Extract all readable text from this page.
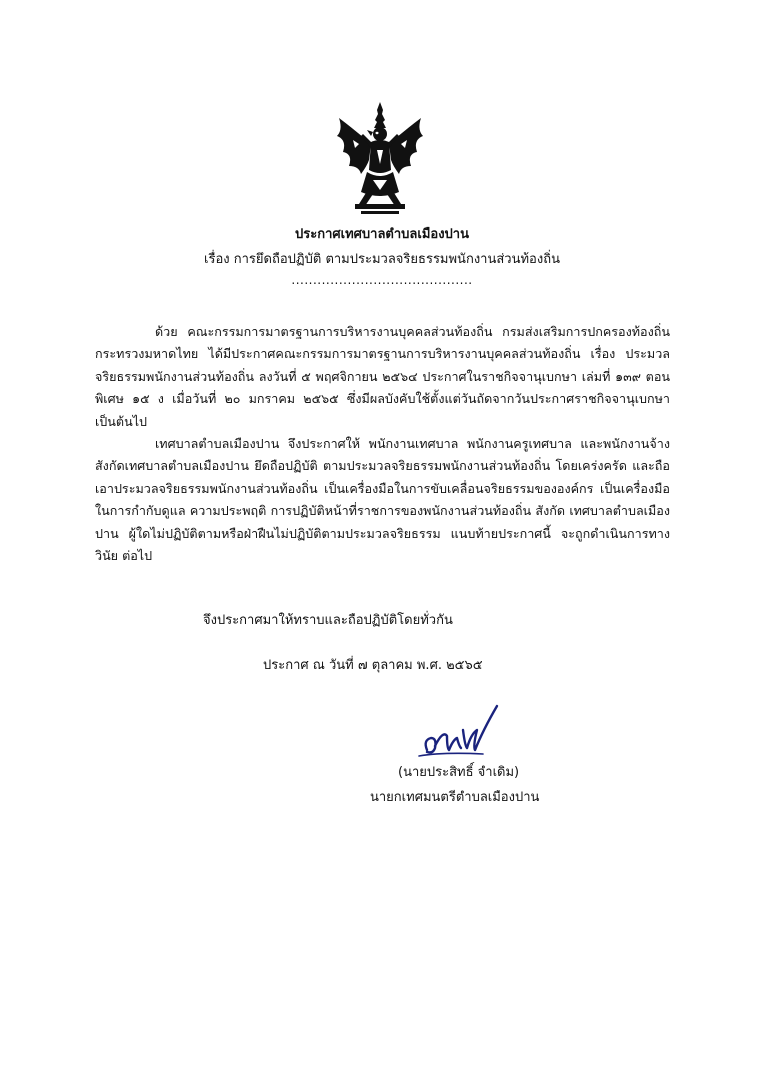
ประกาศเทศบาลตำบลเมืองปาน
เรื่อง การยึดถือปฏิบัติ ตามประมวลจริยธรรมพนักงานส่วนท้องถิ่น
..........................................

ด้วย คณะกรรมการมาตรฐานการบริหารงานบุคคลส่วนท้องถิ่น กรมส่งเสริมการปกครองท้องถิ่น กระทรวงมหาดไทย ได้มีประกาศคณะกรรมการมาตรฐานการบริหารงานบุคคลส่วนท้องถิ่น เรื่อง ประมวลจริยธรรมพนักงานส่วนท้องถิ่น ลงวันที่ ๕ พฤศจิกายน ๒๕๖๔ ประกาศในราชกิจจานุเบกษา เล่มที่ ๑๓๙ ตอนพิเศษ ๑๕ ง เมื่อวันที่ ๒๐ มกราคม ๒๕๖๕ ซึ่งมีผลบังคับใช้ตั้งแต่วันถัดจากวันประกาศราชกิจจานุเบกษา เป็นต้นไป

เทศบาลตำบลเมืองปาน จึงประกาศให้ พนักงานเทศบาล พนักงานครูเทศบาล และพนักงานจ้าง สังกัดเทศบาลตำบลเมืองปาน ยึดถือปฏิบัติ ตามประมวลจริยธรรมพนักงานส่วนท้องถิ่น โดยเคร่งครัด และถือเอาประมวลจริยธรรมพนักงานส่วนท้องถิ่น เป็นเครื่องมือในการขับเคลื่อนจริยธรรมขององค์กร เป็นเครื่องมือในการกำกับดูแล ความประพฤติ การปฏิบัติหน้าที่ราชการของพนักงานส่วนท้องถิ่น สังกัด เทศบาลตำบลเมืองปาน ผู้ใดไม่ปฏิบัติตามหรือฝ่าฝืนไม่ปฏิบัติตามประมวลจริยธรรม แนบท้ายประกาศนี้ จะถูกดำเนินการทางวินัย ต่อไป

จึงประกาศมาให้ทราบและถือปฏิบัติโดยทั่วกัน
ประกาศ ณ วันที่ ๗ ตุลาคม พ.ศ. ๒๕๖๕
(นายประสิทธิ์ จำเดิม)
นายกเทศมนตรีตำบลเมืองปาน
